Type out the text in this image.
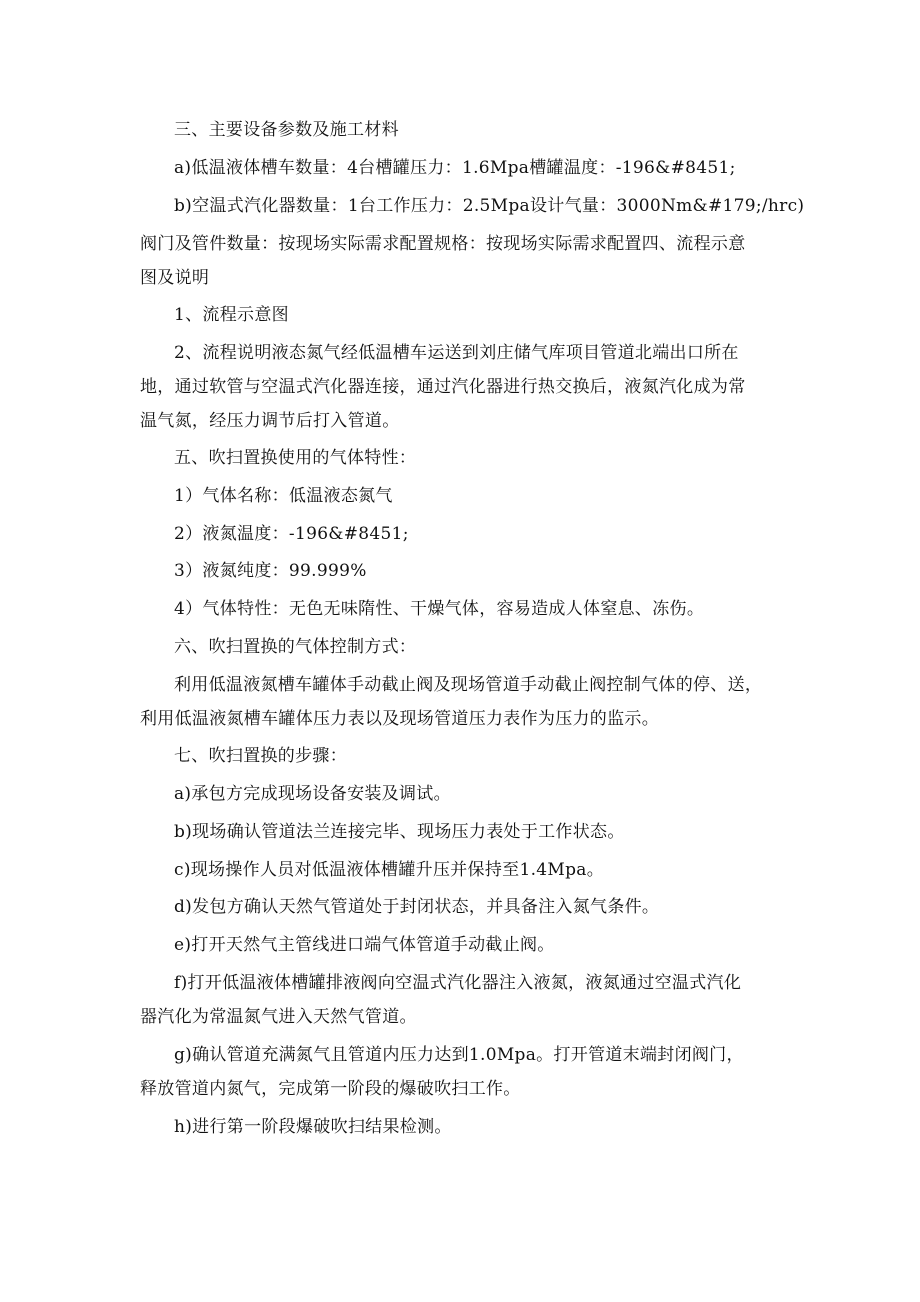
三、主要设备参数及施工材料

a)低温液体槽车数量：4台槽罐压力：1.6Mpa槽罐温度：-196&#8451;

b)空温式汽化器数量：1台工作压力：2.5Mpa设计气量：3000Nm&#179;/hrc)

阀门及管件数量：按现场实际需求配置规格：按现场实际需求配置四、流程示意

图及说明

1、流程示意图

2、流程说明液态氮气经低温槽车运送到刘庄储气库项目管道北端出口所在

地，通过软管与空温式汽化器连接，通过汽化器进行热交换后，液氮汽化成为常

温气氮，经压力调节后打入管道。

五、吹扫置换使用的气体特性：

1）气体名称：低温液态氮气

2）液氮温度：-196&#8451;

3）液氮纯度：99.999%

4）气体特性：无色无味隋性、干燥气体，容易造成人体窒息、冻伤。

六、吹扫置换的气体控制方式：

利用低温液氮槽车罐体手动截止阀及现场管道手动截止阀控制气体的停、送，

利用低温液氮槽车罐体压力表以及现场管道压力表作为压力的监示。

七、吹扫置换的步骤：

a)承包方完成现场设备安装及调试。

b)现场确认管道法兰连接完毕、现场压力表处于工作状态。

c)现场操作人员对低温液体槽罐升压并保持至1.4Mpa。

d)发包方确认天然气管道处于封闭状态，并具备注入氮气条件。

e)打开天然气主管线进口端气体管道手动截止阀。

f)打开低温液体槽罐排液阀向空温式汽化器注入液氮，液氮通过空温式汽化

器汽化为常温氮气进入天然气管道。

g)确认管道充满氮气且管道内压力达到1.0Mpa。打开管道末端封闭阀门，

释放管道内氮气，完成第一阶段的爆破吹扫工作。

h)进行第一阶段爆破吹扫结果检测。
